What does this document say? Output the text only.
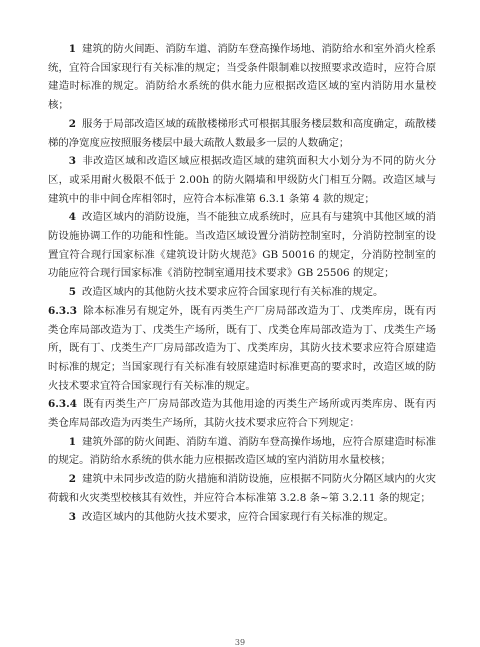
1 建筑的防火间距、消防车道、消防车登高操作场地、消防给水和室外消火栓系统，宜符合国家现行有关标准的规定；当受条件限制难以按照要求改造时，应符合原建造时标准的规定。消防给水系统的供水能力应根据改造区域的室内消防用水量校核；

2 服务于局部改造区域的疏散楼梯形式可根据其服务楼层数和高度确定，疏散楼梯的净宽度应按照服务楼层中最大疏散人数最多一层的人数确定；

3 非改造区域和改造区域应根据改造区域的建筑面积大小划分为不同的防火分区，或采用耐火极限不低于 2.00h 的防火隔墙和甲级防火门相互分隔。改造区域与建筑中的非中间仓库相邻时，应符合本标准第 6.3.1 条第 4 款的规定；

4 改造区域内的消防设施，当不能独立成系统时，应具有与建筑中其他区域的消防设施协调工作的功能和性能。当改造区域设置分消防控制室时，分消防控制室的设置宜符合现行国家标准《建筑设计防火规范》GB 50016 的规定，分消防控制室的功能应符合现行国家标准《消防控制室通用技术要求》GB 25506 的规定；

5 改造区域内的其他防火技术要求应符合国家现行有关标准的规定。

6.3.3 除本标准另有规定外，既有丙类生产厂房局部改造为丁、戊类库房，既有丙类仓库局部改造为丁、戊类生产场所，既有丁、戊类仓库局部改造为丁、戊类生产场所，既有丁、戊类生产厂房局部改造为丁、戊类库房，其防火技术要求应符合原建造时标准的规定；当国家现行有关标准有较原建造时标准更高的要求时，改造区域的防火技术要求宜符合国家现行有关标准的规定。

6.3.4 既有丙类生产厂房局部改造为其他用途的丙类生产场所或丙类库房、既有丙类仓库局部改造为丙类生产场所，其防火技术要求应符合下列规定：

1 建筑外部的防火间距、消防车道、消防车登高操作场地，应符合原建造时标准的规定。消防给水系统的供水能力应根据改造区域的室内消防用水量校核；

2 建筑中未同步改造的防火措施和消防设施，应根据不同防火分隔区域内的火灾荷载和火灾类型校核其有效性，并应符合本标准第 3.2.8 条~第 3.2.11 条的规定；

3 改造区域内的其他防火技术要求，应符合国家现行有关标准的规定。

39
